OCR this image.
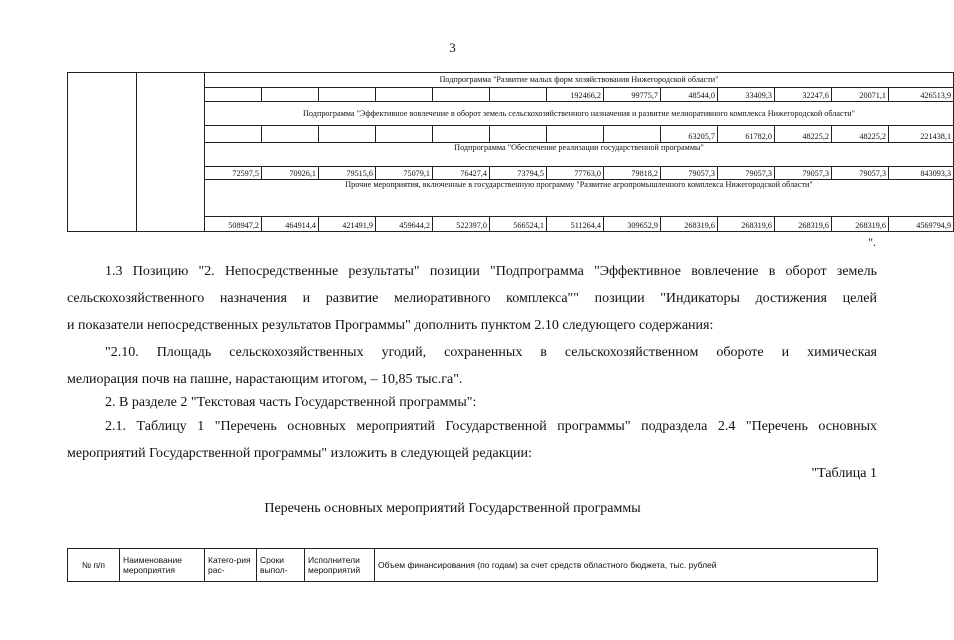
3
		Подпрограмма "Развитие малых форм хозяйствования Нижегородской области"												
								192466,2	99775,7	48544,0	33409,3	32247,6	20071,1	426513,9
		Подпрограмма "Эффективное вовлечение в оборот земель сельскохозяйственного назначения и развитие мелиоративного комплекса Нижегородской области"												
										63205,7	61782,0	48225,2	48225,2	221438,1
		Подпрограмма "Обеспечение реализации государственной программы"												
		72597,5	70926,1	79515,6	75079,1	76427,4	73794,5	77763,0	79818,2	79057,3	79057,3	79057,3	79057,3	843093,3
		Прочие мероприятия, включенные в государственную программу "Развитие агропромышленного комплекса Нижегородской области"												
		508947,2	464914,4	421491,9	459644,2	522397,0	566524,1	511264,4	309652,9	268319,6	268319,6	268319,6	268319,6	4569794,9
".
1.3 Позицию "2. Непосредственные результаты" позиции "Подпрограмма "Эффективное вовлечение в оборот земель
сельскохозяйственного назначения и развитие мелиоративного комплекса"" позиции "Индикаторы достижения целей
и показатели непосредственных результатов Программы" дополнить пунктом 2.10 следующего содержания:
"2.10. Площадь сельскохозяйственных угодий, сохраненных в сельскохозяйственном обороте и химическая
мелиорация почв на пашне, нарастающим итогом, – 10,85 тыс.га".
2. В разделе 2 "Текстовая часть Государственной программы":
2.1. Таблицу 1 "Перечень основных мероприятий Государственной программы" подраздела 2.4 "Перечень основных
мероприятий Государственной программы" изложить в следующей редакции:
"Таблица 1
Перечень основных мероприятий Государственной программы
№ п/п	Наименование мероприятия	Катего-рия рас-	Сроки выпол-	Исполнители мероприятий	Объем финансирования (по годам) за счет средств областного бюджета, тыс. рублей
